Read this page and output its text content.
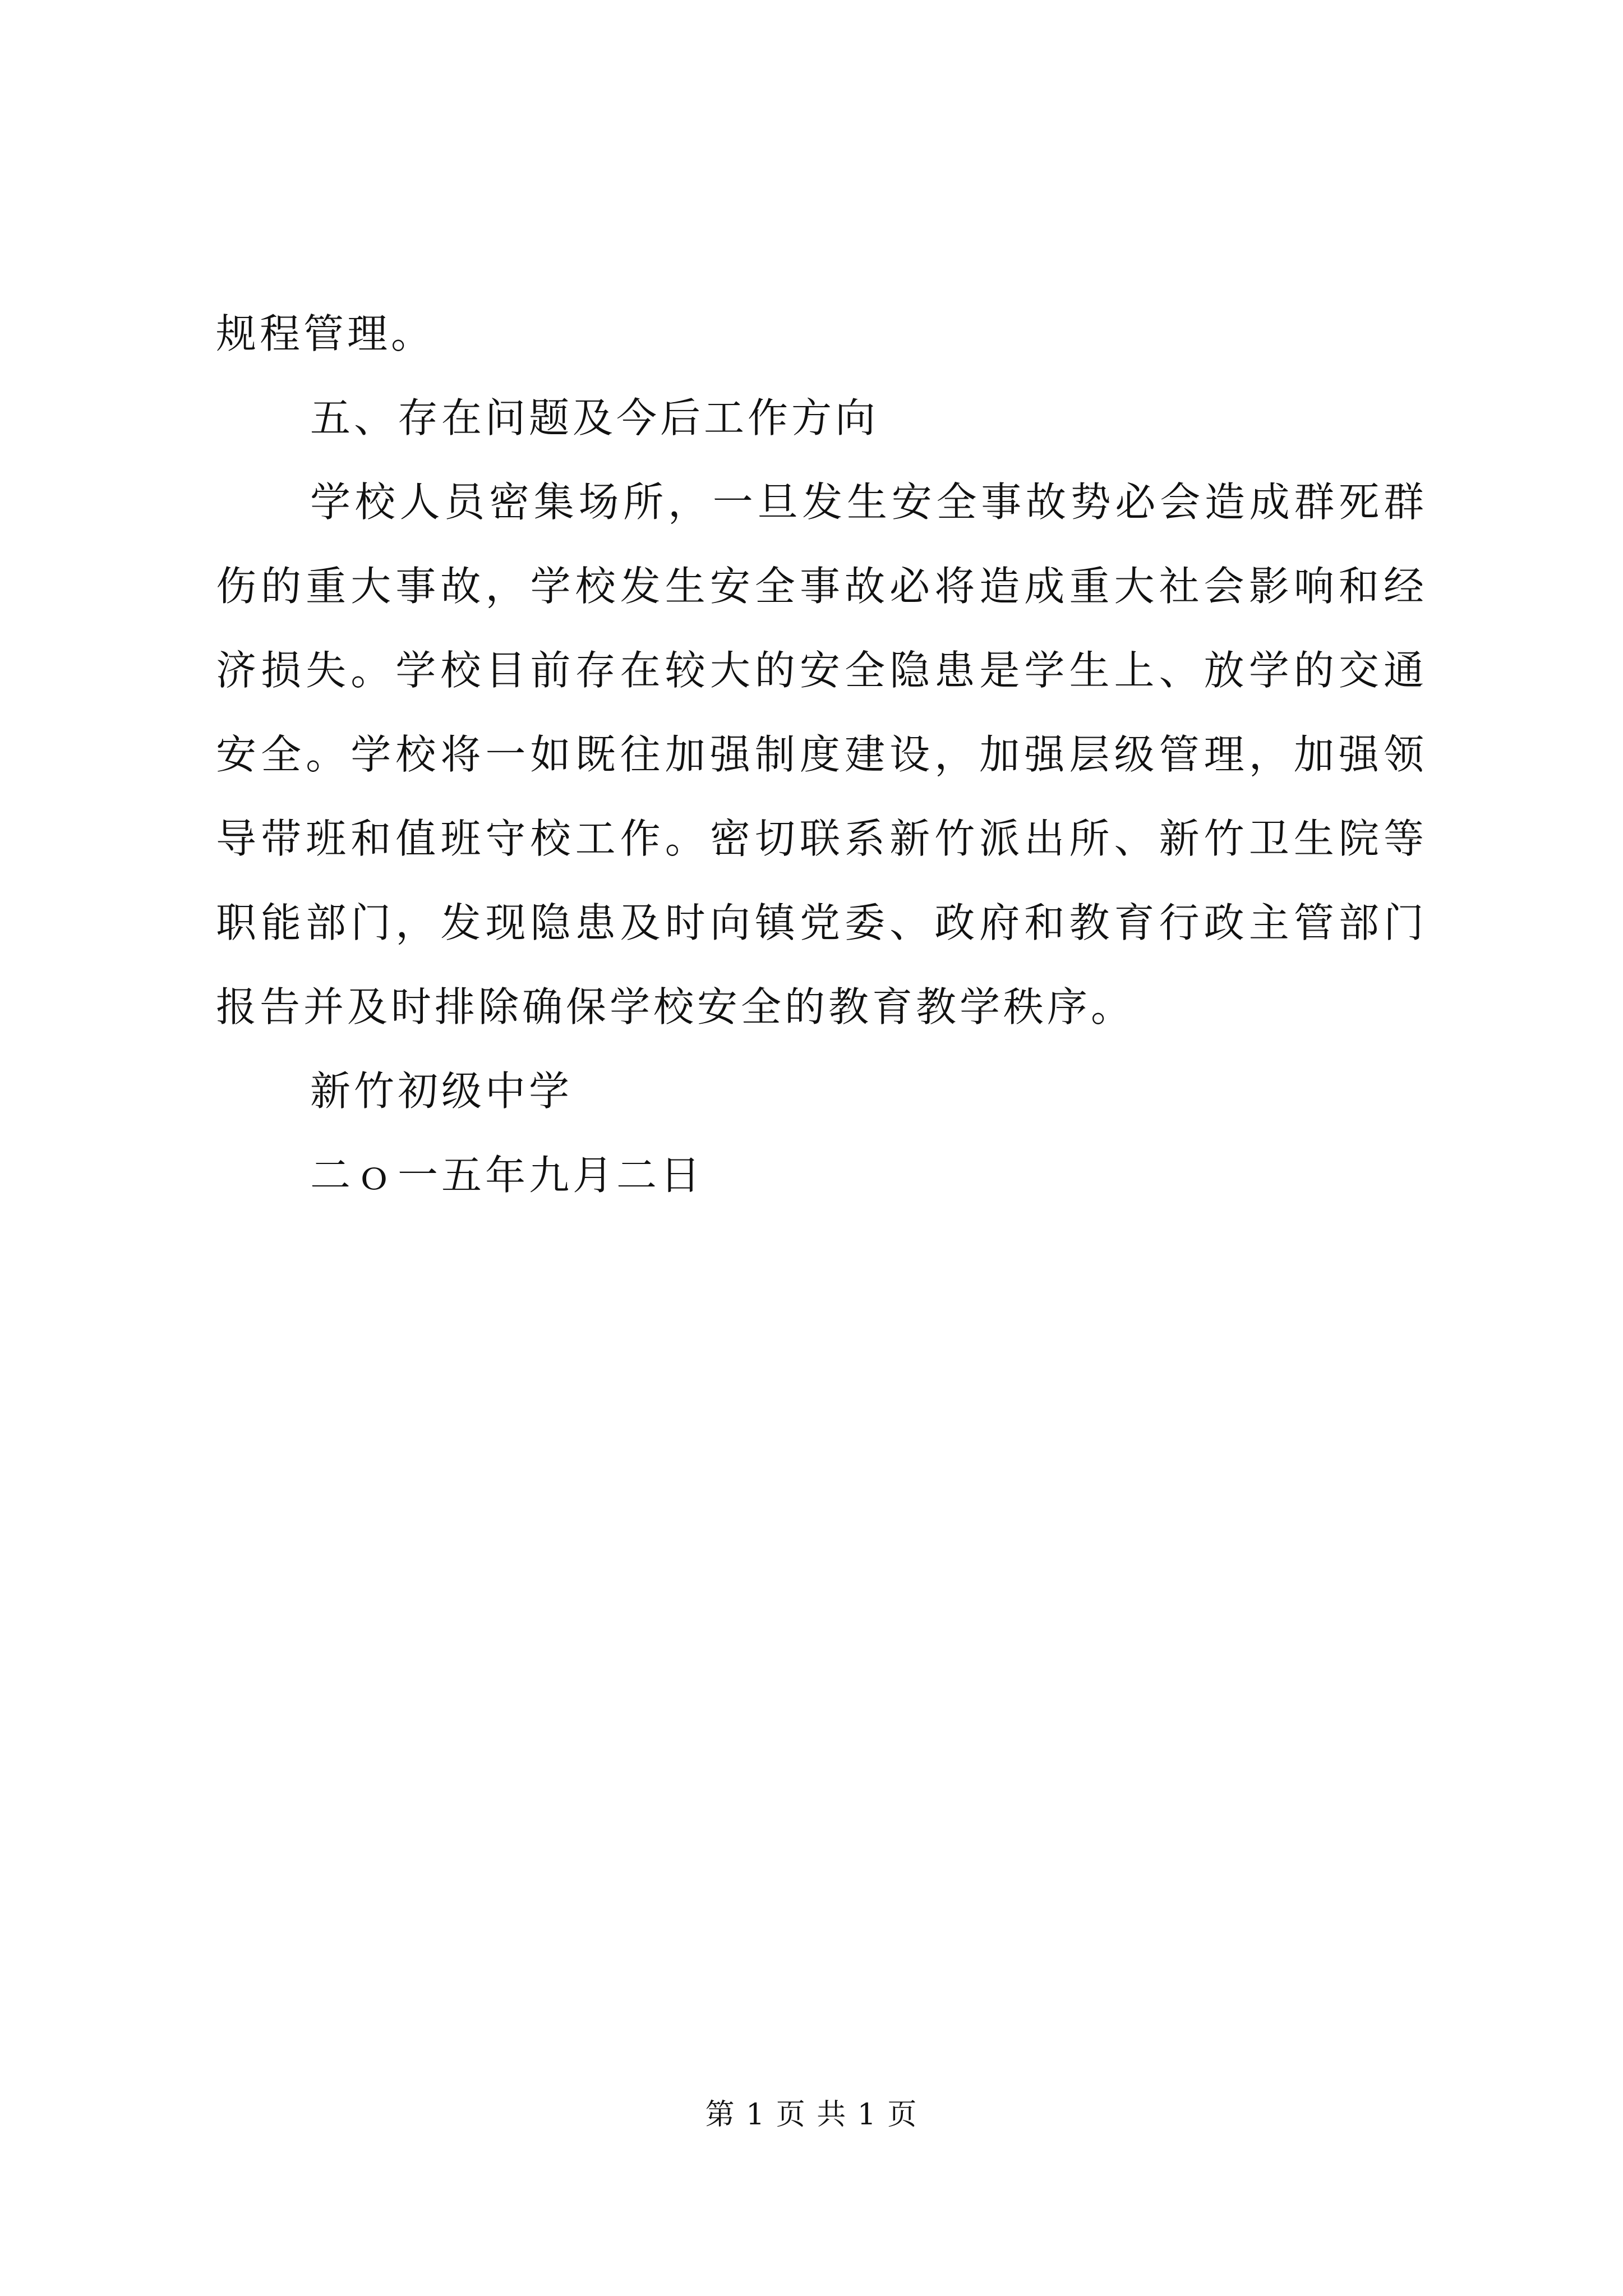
规程管理。

五、存在问题及今后工作方向

学校人员密集场所，一旦发生安全事故势必会造成群死群伤的重大事故，学校发生安全事故必将造成重大社会影响和经济损失。学校目前存在较大的安全隐患是学生上、放学的交通安全。学校将一如既往加强制度建设，加强层级管理，加强领导带班和值班守校工作。密切联系新竹派出所、新竹卫生院等职能部门，发现隐患及时向镇党委、政府和教育行政主管部门报告并及时排除确保学校安全的教育教学秩序。

新竹初级中学

二ｏ一五年九月二日

第 1 页 共 1 页
